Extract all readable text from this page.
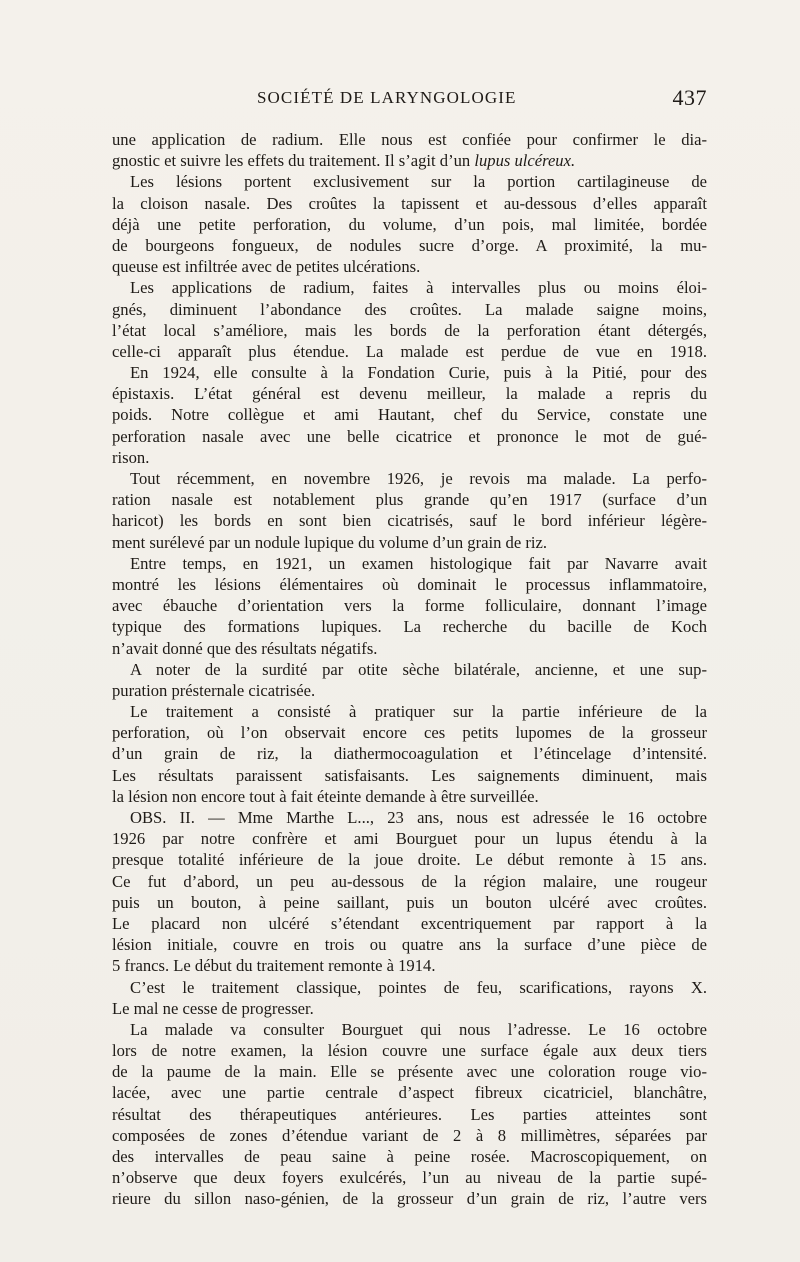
SOCIÉTÉ DE LARYNGOLOGIE	437
une application de radium. Elle nous est confiée pour confirmer le dia-
gnostic et suivre les effets du traitement. Il s’agit d’un lupus ulcéreux.
Les lésions portent exclusivement sur la portion cartilagineuse de
la cloison nasale. Des croûtes la tapissent et au-dessous d’elles apparaît
déjà une petite perforation, du volume, d’un pois, mal limitée, bordée
de bourgeons fongueux, de nodules sucre d’orge. A proximité, la mu-
queuse est infiltrée avec de petites ulcérations.
Les applications de radium, faites à intervalles plus ou moins éloi-
gnés, diminuent l’abondance des croûtes. La malade saigne moins,
l’état local s’améliore, mais les bords de la perforation étant détergés,
celle-ci apparaît plus étendue. La malade est perdue de vue en 1918.
En 1924, elle consulte à la Fondation Curie, puis à la Pitié, pour des
épistaxis. L’état général est devenu meilleur, la malade a repris du
poids. Notre collègue et ami Hautant, chef du Service, constate une
perforation nasale avec une belle cicatrice et prononce le mot de gué-
rison.
Tout récemment, en novembre 1926, je revois ma malade. La perfo-
ration nasale est notablement plus grande qu’en 1917 (surface d’un
haricot) les bords en sont bien cicatrisés, sauf le bord inférieur légère-
ment surélevé par un nodule lupique du volume d’un grain de riz.
Entre temps, en 1921, un examen histologique fait par Navarre avait
montré les lésions élémentaires où dominait le processus inflammatoire,
avec ébauche d’orientation vers la forme folliculaire, donnant l’image
typique des formations lupiques. La recherche du bacille de Koch
n’avait donné que des résultats négatifs.
A noter de la surdité par otite sèche bilatérale, ancienne, et une sup-
puration présternale cicatrisée.
Le traitement a consisté à pratiquer sur la partie inférieure de la
perforation, où l’on observait encore ces petits lupomes de la grosseur
d’un grain de riz, la diathermocoagulation et l’étincelage d’intensité.
Les résultats paraissent satisfaisants. Les saignements diminuent, mais
la lésion non encore tout à fait éteinte demande à être surveillée.
OBS. II. — Mme Marthe L..., 23 ans, nous est adressée le 16 octobre
1926 par notre confrère et ami Bourguet pour un lupus étendu à la
presque totalité inférieure de la joue droite. Le début remonte à 15 ans.
Ce fut d’abord, un peu au-dessous de la région malaire, une rougeur
puis un bouton, à peine saillant, puis un bouton ulcéré avec croûtes.
Le placard non ulcéré s’étendant excentriquement par rapport à la
lésion initiale, couvre en trois ou quatre ans la surface d’une pièce de
5 francs. Le début du traitement remonte à 1914.
C’est le traitement classique, pointes de feu, scarifications, rayons X.
Le mal ne cesse de progresser.
La malade va consulter Bourguet qui nous l’adresse. Le 16 octobre
lors de notre examen, la lésion couvre une surface égale aux deux tiers
de la paume de la main. Elle se présente avec une coloration rouge vio-
lacée, avec une partie centrale d’aspect fibreux cicatriciel, blanchâtre,
résultat des thérapeutiques antérieures. Les parties atteintes sont
composées de zones d’étendue variant de 2 à 8 millimètres, séparées par
des intervalles de peau saine à peine rosée. Macroscopiquement, on
n’observe que deux foyers exulcérés, l’un au niveau de la partie supé-
rieure du sillon naso-génien, de la grosseur d’un grain de riz, l’autre vers
